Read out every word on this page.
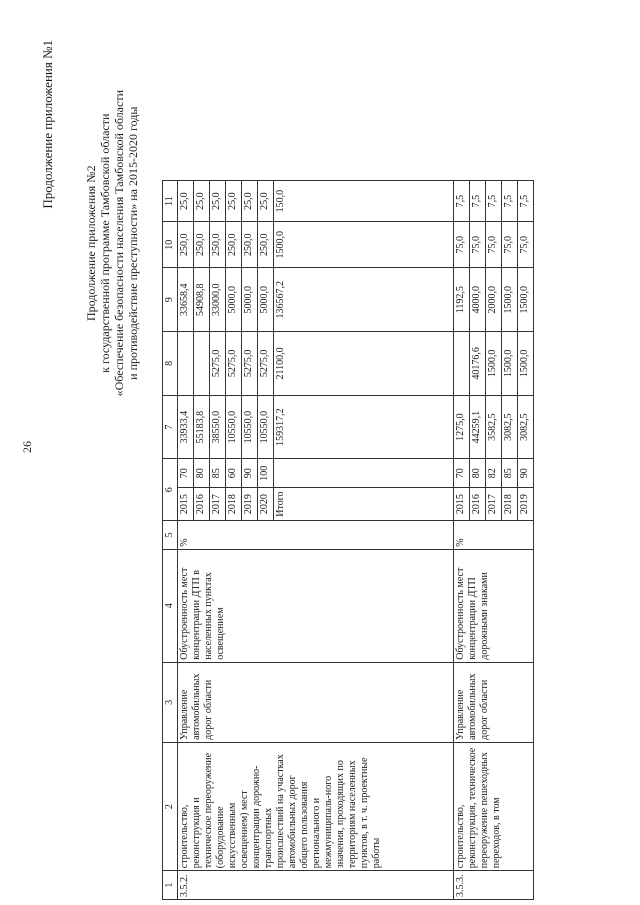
26
Продолжение приложения №1
Продолжение приложения №2 к государственной программе Тамбовской области «Обеспечение безопасности населения Тамбовской области и противодействие преступности» на 2015-2020 годы
1	2	3	4	5	6		7	8	9	10	11
3.5.2.	строительство, реконструкция и техническое переоружение (оборудование искусственным освещением) мест концентрации дорожно-транспортных происшествий на участках автомобильных дорог общего пользования регионального и межмуниципаль-ного значения, проходящих по территориям населенных пунктов, в т. ч. проектные работы	Управление автомобильных дорог области	Обустроенность мест концентрации ДТП в населенных пунктах освещением	%	2015	70	33933,4		33658,4	250,0	25,0
					2016	80	55183,8		54908,8	250,0	25,0
					2017	85	38550,0	5275,0	33000,0	250,0	25,0
					2018	60	10550,0	5275,0	5000,0	250,0	25,0
					2019	90	10550,0	5275,0	5000,0	250,0	25,0
					2020	100	10550,0	5275,0	5000,0	250,0	25,0
					Итого		159317,2	21100,0	136567,2	1500,0	150,0
3.5.3.	строительство, реконструкция, техническое переоружение пешеходных переходов, в том	Управление автомобильных дорог области	Обустроенность мест концентрации ДТП дорожными знаками	%	2015	70	1275,0		1192,5	75,0	7,5
					2016	80	44259,1	40176,6	4000,0	75,0	7,5
					2017	82	3582,5	1500,0	2000,0	75,0	7,5
					2018	85	3082,5	1500,0	1500,0	75,0	7,5
					2019	90	3082,5	1500,0	1500,0	75,0	7,5
